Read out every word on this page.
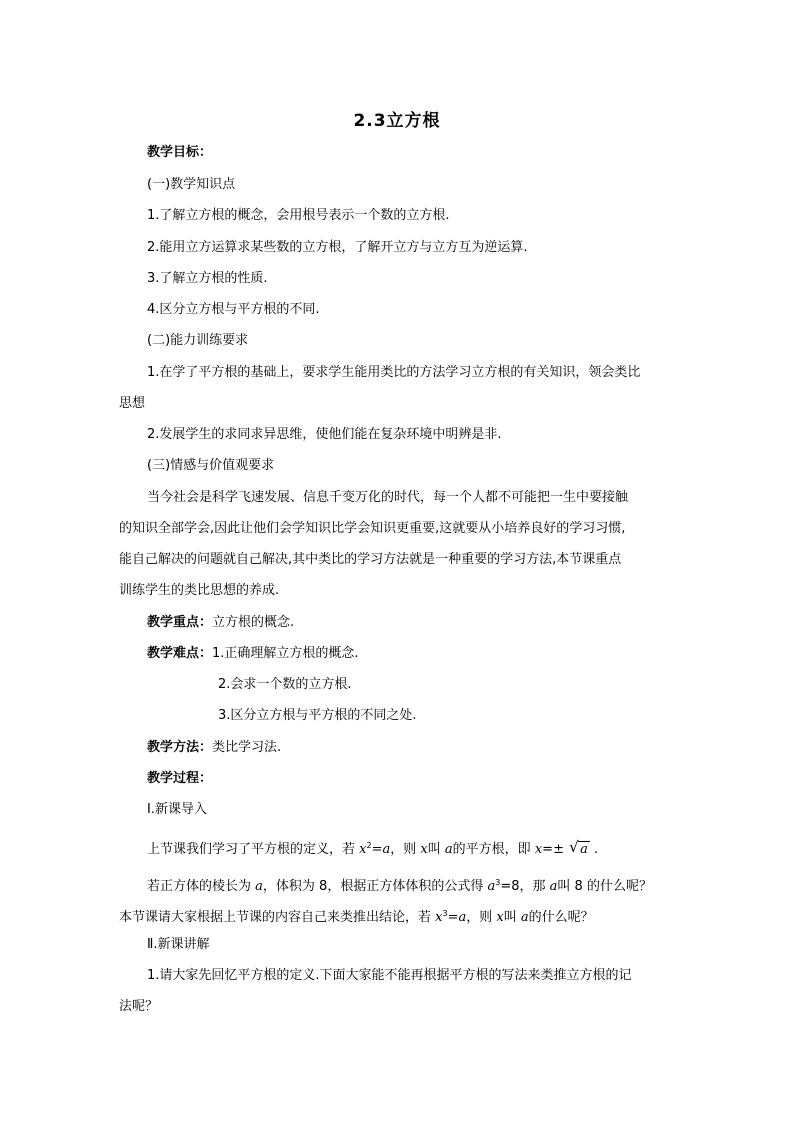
2.3立方根
教学目标：
(一)教学知识点
1.了解立方根的概念，会用根号表示一个数的立方根.
2.能用立方运算求某些数的立方根，了解开立方与立方互为逆运算.
3.了解立方根的性质.
4.区分立方根与平方根的不同.
(二)能力训练要求
1.在学了平方根的基础上，要求学生能用类比的方法学习立方根的有关知识，领会类比
思想
2.发展学生的求同求异思维，使他们能在复杂环境中明辨是非.
(三)情感与价值观要求
当今社会是科学飞速发展、信息千变万化的时代，每一个人都不可能把一生中要接触
的知识全部学会,因此让他们会学知识比学会知识更重要,这就要从小培养良好的学习习惯,
能自己解决的问题就自己解决,其中类比的学习方法就是一种重要的学习方法,本节课重点
训练学生的类比思想的养成.
教学重点：立方根的概念.
教学难点：1.正确理解立方根的概念.
2.会求一个数的立方根.
3.区分立方根与平方根的不同之处.
教学方法：类比学习法.
教学过程：
Ⅰ.新课导入
上节课我们学习了平方根的定义，若 $x^2=a$，则 x叫 a的平方根，即 x=± √ a .
若正方体的棱长为 a，体积为 8，根据正方体体积的公式得 $a^3=8$，那 a叫 8 的什么呢？
本节课请大家根据上节课的内容自己来类推出结论，若 $x^3=a$，则 x叫 a的什么呢？
Ⅱ.新课讲解
1.请大家先回忆平方根的定义.下面大家能不能再根据平方根的写法来类推立方根的记
法呢？
